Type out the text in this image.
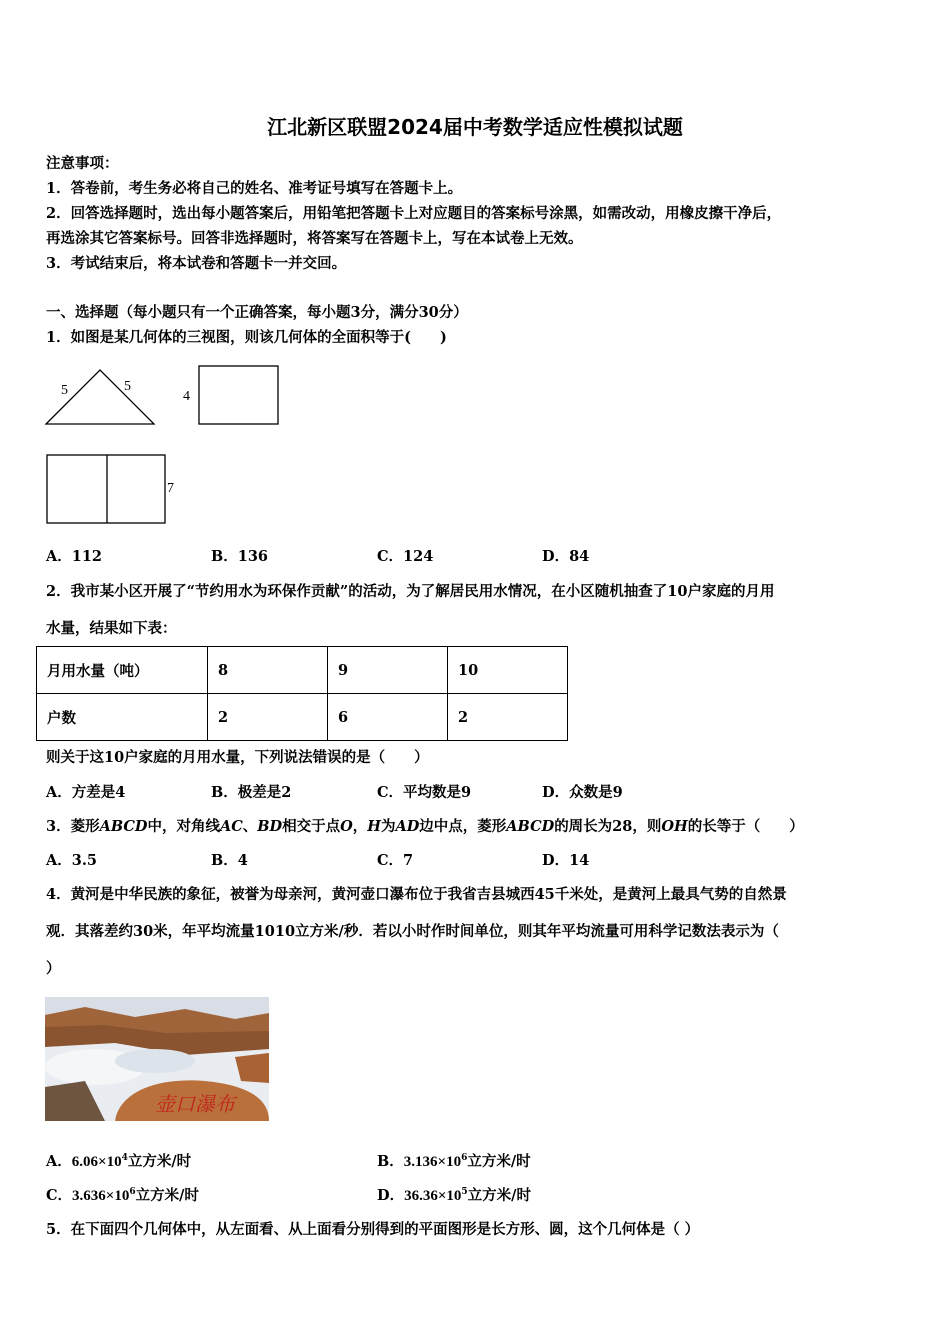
江北新区联盟2024届中考数学适应性模拟试题
注意事项：
1．答卷前，考生务必将自己的姓名、准考证号填写在答题卡上。
2．回答选择题时，选出每小题答案后，用铅笔把答题卡上对应题目的答案标号涂黑，如需改动，用橡皮擦干净后，
再选涂其它答案标号。回答非选择题时，将答案写在答题卡上，写在本试卷上无效。
3．考试结束后，将本试卷和答题卡一并交回。
一、选择题（每小题只有一个正确答案，每小题3分，满分30分）
1．如图是某几何体的三视图，则该几何体的全面积等于(　　)
5	5
4
7
A．112	B．136	C．124	D．84
2．我市某小区开展了“节约用水为环保作贡献”的活动，为了解居民用水情况，在小区随机抽查了10户家庭的月用
水量，结果如下表：
月用水量（吨）	8	9	10
户数	2	6	2
则关于这10户家庭的月用水量，下列说法错误的是（　　）
A．方差是4	B．极差是2	C．平均数是9	D．众数是9
3．菱形ABCD中，对角线AC、BD相交于点O，H为AD边中点，菱形ABCD的周长为28，则OH的长等于（　　）
A．3.5	B．4	C．7	D．14
4．黄河是中华民族的象征，被誉为母亲河，黄河壶口瀑布位于我省吉县城西45千米处，是黄河上最具气势的自然景
观．其落差约30米，年平均流量1010立方米/秒．若以小时作时间单位，则其年平均流量可用科学记数法表示为（
）
壶口瀑布
A．$6.06\times 10^4$立方米/时	B．$3.136\times 10^6$立方米/时
C．$3.636\times 10^6$立方米/时	D．$36.36\times 10^5$立方米/时
5．在下面四个几何体中，从左面看、从上面看分别得到的平面图形是长方形、圆，这个几何体是（ ）
